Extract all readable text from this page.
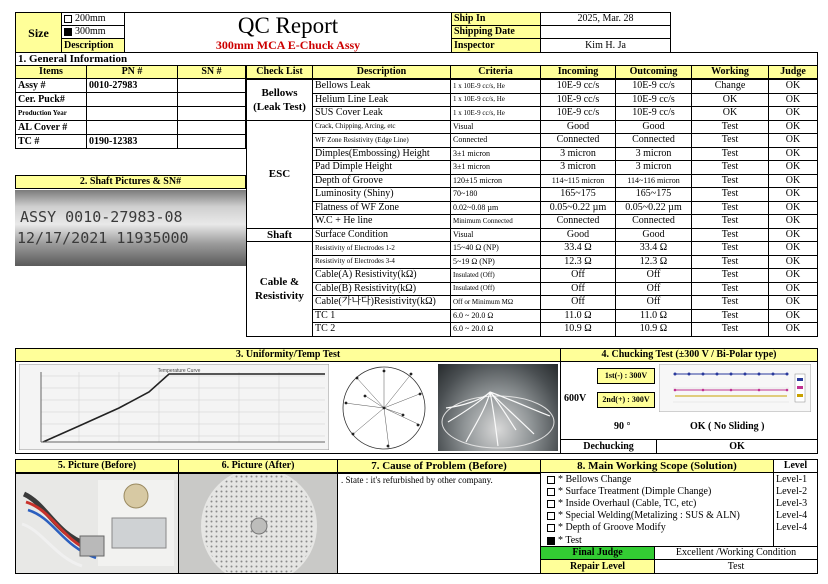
Size
200mm
300mm
Description
QC Report
300mm MCA E-Chuck Assy
Ship In	2025, Mar. 28
Shipping Date
Inspector	Kim H. Ja
1. General Information
Items	PN #	SN #
Assy #	0010-27983
Cer. Puck#
Production Year
AL Cover #
TC #	0190-12383
2. Shaft Pictures & SN#
ASSY 0010-27983-08
12/17/2021 11935000
Check List	Description	Criteria	Incoming	Outcoming	Working	Judge
Bellows (Leak Test)
Bellows Leak	1 x 10E-9 cc/s, He	10E-9 cc/s	10E-9 cc/s	Change	OK
Helium Line Leak	1 x 10E-9 cc/s, He	10E-9 cc/s	10E-9 cc/s	OK	OK
SUS Cover Leak	1 x 10E-9 cc/s, He	10E-9 cc/s	10E-9 cc/s	OK	OK
ESC
Crack, Chipping, Arcing, etc	Visual	Good	Good	Test	OK
WF Zone Resistivity (Edge Line)	Connected	Connected	Connected	Test	OK
Dimples(Embossing) Height	3±1 micron	3 micron	3 micron	Test	OK
Pad Dimple Height	3±1 micron	3 micron	3 micron	Test	OK
Depth of Groove	120±15 micron	114~115 micron	114~116 micron	Test	OK
Luminosity (Shiny)	70~180	165~175	165~175	Test	OK
Flatness of WF Zone	0.02~0.08 µm	0.05~0.22 µm	0.05~0.22 µm	Test	OK
W.C + He line	Minimum Connected	Connected	Connected	Test	OK
Shaft	Surface Condition	Visual	Good	Good	Test	OK
Cable & Resistivity
Resistivity of Electrodes 1-2	15~40 Ω (NP)	33.4 Ω	33.4 Ω	Test	OK
Resistivity of Electrodes 3-4	5~19 Ω (NP)	12.3 Ω	12.3 Ω	Test	OK
Cable(A) Resistivity(kΩ)	Insulated (Off)	Off	Off	Test	OK
Cable(B) Resistivity(kΩ)	Insulated (Off)	Off	Off	Test	OK
Cable(가나다)Resistivity(kΩ)	Off or Minimum MΩ	Off	Off	Test	OK
TC 1	6.0 ~ 20.0 Ω	11.0 Ω	11.0 Ω	Test	OK
TC 2	6.0 ~ 20.0 Ω	10.9 Ω	10.9 Ω	Test	OK
3. Uniformity/Temp Test	4. Chucking Test (±300 V / Bi-Polar type)
Temperature Curve
600V
1st(-) : 300V
2nd(+) : 300V
90 °	OK ( No Sliding )
Dechucking	OK
5. Picture (Before)	6. Picture (After)	7. Cause of Problem (Before)	8. Main Working Scope (Solution)	Level
. State : it's refurbished by other company.	* Bellows Change	Level-1
* Surface Treatment (Dimple Change)	Level-2
* Inside Overhaul (Cable, TC, etc)	Level-3
* Special Welding(Metalizing : SUS & ALN)	Level-4
* Depth of Groove Modify	Level-4
* Test
Final Judge	Excellent /Working Condition
Repair Level	Test
